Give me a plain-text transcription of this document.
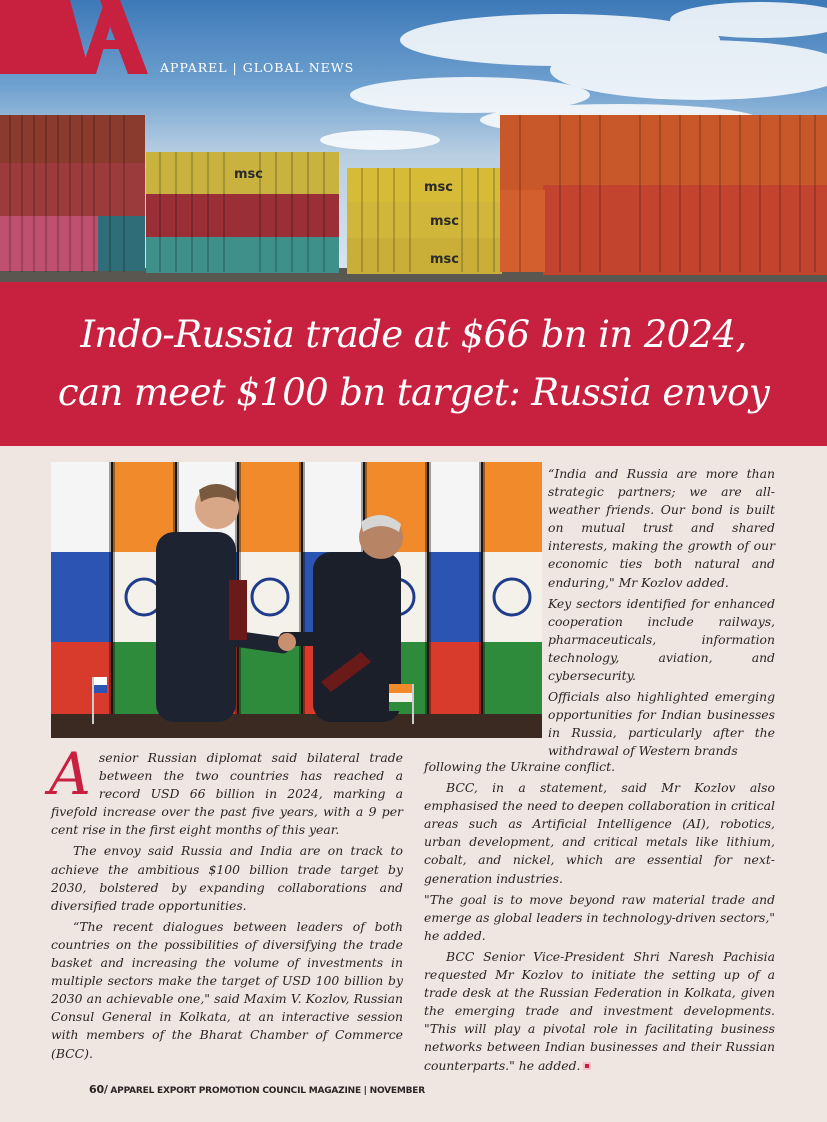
msc
msc
msc
msc
APPAREL | GLOBAL NEWS
Indo-Russia trade at $66 bn in 2024,
can meet $100 bn target: Russia envoy

“India and Russia are more than strategic partners; we are all-weather friends. Our bond is built on mutual trust and shared interests, making the growth of our economic ties both natural and enduring," Mr Kozlov added.

Key sectors identified for enhanced cooperation include railways, pharmaceuticals, information technology, aviation, and cybersecurity.

Officials also highlighted emerging opportunities for Indian businesses in Russia, particularly after the withdrawal of Western brands

A senior Russian diplomat said bilateral trade between the two countries has reached a record USD 66 billion in 2024, marking a fivefold increase over the past five years, with a 9 per cent rise in the first eight months of this year.

The envoy said Russia and India are on track to achieve the ambitious $100 billion trade target by 2030, bolstered by expanding collaborations and diversified trade opportunities.

“The recent dialogues between leaders of both countries on the possibilities of diversifying the trade basket and increasing the volume of investments in multiple sectors make the target of USD 100 billion by 2030 an achievable one," said Maxim V. Kozlov, Russian Consul General in Kolkata, at an interactive session with members of the Bharat Chamber of Commerce (BCC).

following the Ukraine conflict.

BCC, in a statement, said Mr Kozlov also emphasised the need to deepen collaboration in critical areas such as Artificial Intelligence (AI), robotics, urban development, and critical metals like lithium, cobalt, and nickel, which are essential for next-generation industries.

"The goal is to move beyond raw material trade and emerge as global leaders in technology-driven sectors," he added.

BCC Senior Vice-President Shri Naresh Pachisia requested Mr Kozlov to initiate the setting up of a trade desk at the Russian Federation in Kolkata, given the emerging trade and investment developments. "This will play a pivotal role in facilitating business networks between Indian businesses and their Russian counterparts." he added.

60/ APPAREL EXPORT PROMOTION COUNCIL MAGAZINE | NOVEMBER
